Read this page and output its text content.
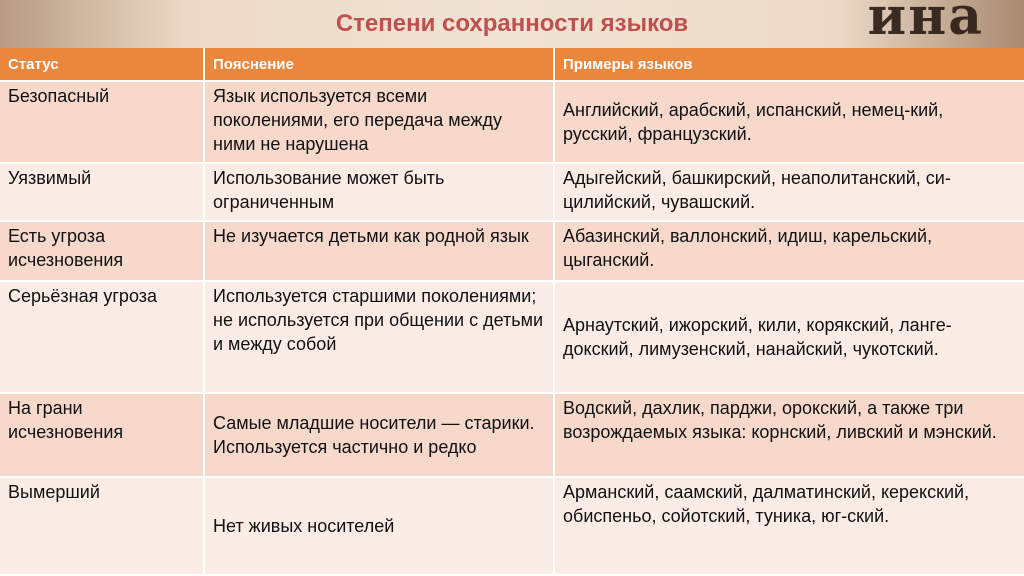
ина
Степени сохранности языков
Статус	Пояснение	Примеры языков
Безопасный	Язык используется всеми поколениями, его передача между ними не нарушена	Английский, арабский, испанский, немец-кий, русский, французский.
Уязвимый	Использование может быть ограниченным	Адыгейский, башкирский, неаполитанский, си-цилийский, чувашский.
Есть угроза исчезновения	Не изучается детьми как родной язык	Абазинский, валлонский, идиш, карельский, цыганский.
Серьёзная угроза	Используется старшими поколениями; не используется при общении с детьми и между собой	Арнаутский, ижорский, кили, корякский, ланге-докский, лимузенский, нанайский, чукотский.
На грани исчезновения	Самые младшие носители — старики. Используется частично и редко	Водский, дахлик, парджи, орокский, а также три возрождаемых языка: корнский, ливский и мэнский.
Вымерший	Нет живых носителей	Арманский, саамский, далматинский, керекский, обиспеньо, сойотский, туника, юг-ский.
